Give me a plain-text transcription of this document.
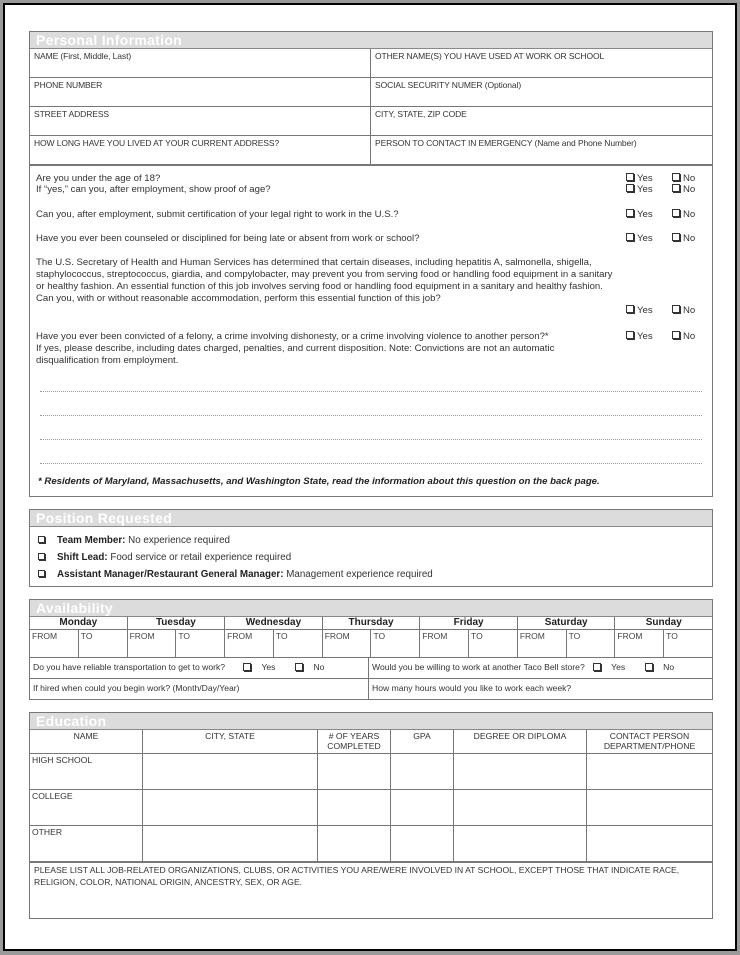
Personal Information
NAME (First, Middle, Last)	OTHER NAME(S) YOU HAVE USED AT WORK OR SCHOOL
PHONE NUMBER	SOCIAL SECURITY NUMER (Optional)
STREET ADDRESS	CITY, STATE, ZIP CODE
HOW LONG HAVE YOU LIVED AT YOUR CURRENT ADDRESS?	PERSON TO CONTACT IN EMERGENCY (Name and Phone Number)
Are you under the age of 18?	Yes	No
If “yes,” can you, after employment, show proof of age?	Yes	No
Can you, after employment, submit certification of your legal right to work in the U.S.?	Yes	No
Have you ever been counseled or disciplined for being late or absent from work or school?	Yes	No
The U.S. Secretary of Health and Human Services has determined that certain diseases, including hepatitis A, salmonella, shigella, staphylococcus, streptococcus, giardia, and compylobacter, may prevent you from serving food or handling food equipment in a sanitary or healthy fashion. An essential function of this job involves serving food or handling food equipment in a sanitary and healthy fashion. Can you, with or without reasonable accommodation, perform this essential function of this job?
Yes	No
Have you ever been convicted of a felony, a crime involving dishonesty, or a crime involving violence to another person?*
If yes, please describe, including dates charged, penalties, and current disposition. Note: Convictions are not an automatic disqualification from employment.
Yes	No
* Residents of Maryland, Massachusetts, and Washington State, read the information about this question on the back page.
Position Requested
Team Member: No experience required
Shift Lead: Food service or retail experience required
Assistant Manager/Restaurant General Manager: Management experience required
Availability
Monday	Tuesday	Wednesday	Thursday	Friday	Saturday	Sunday
FROM	TO	FROM	TO	FROM	TO	FROM	TO	FROM	TO	FROM	TO	FROM	TO
Do you have reliable transportation to get to work?	Yes	No	Would you be willing to work at another Taco Bell store?	Yes	No
If hired when could you begin work? (Month/Day/Year)	How many hours would you like to work each week?
Education
NAME	CITY, STATE	# OF YEARS COMPLETED	GPA	DEGREE OR DIPLOMA	CONTACT PERSON DEPARTMENT/PHONE
HIGH SCHOOL					
COLLEGE					
OTHER					
PLEASE LIST ALL JOB-RELATED ORGANIZATIONS, CLUBS, OR ACTIVITIES YOU ARE/WERE INVOLVED IN AT SCHOOL, EXCEPT THOSE THAT INDICATE RACE, RELIGION, COLOR, NATIONAL ORIGIN, ANCESTRY, SEX, OR AGE.
